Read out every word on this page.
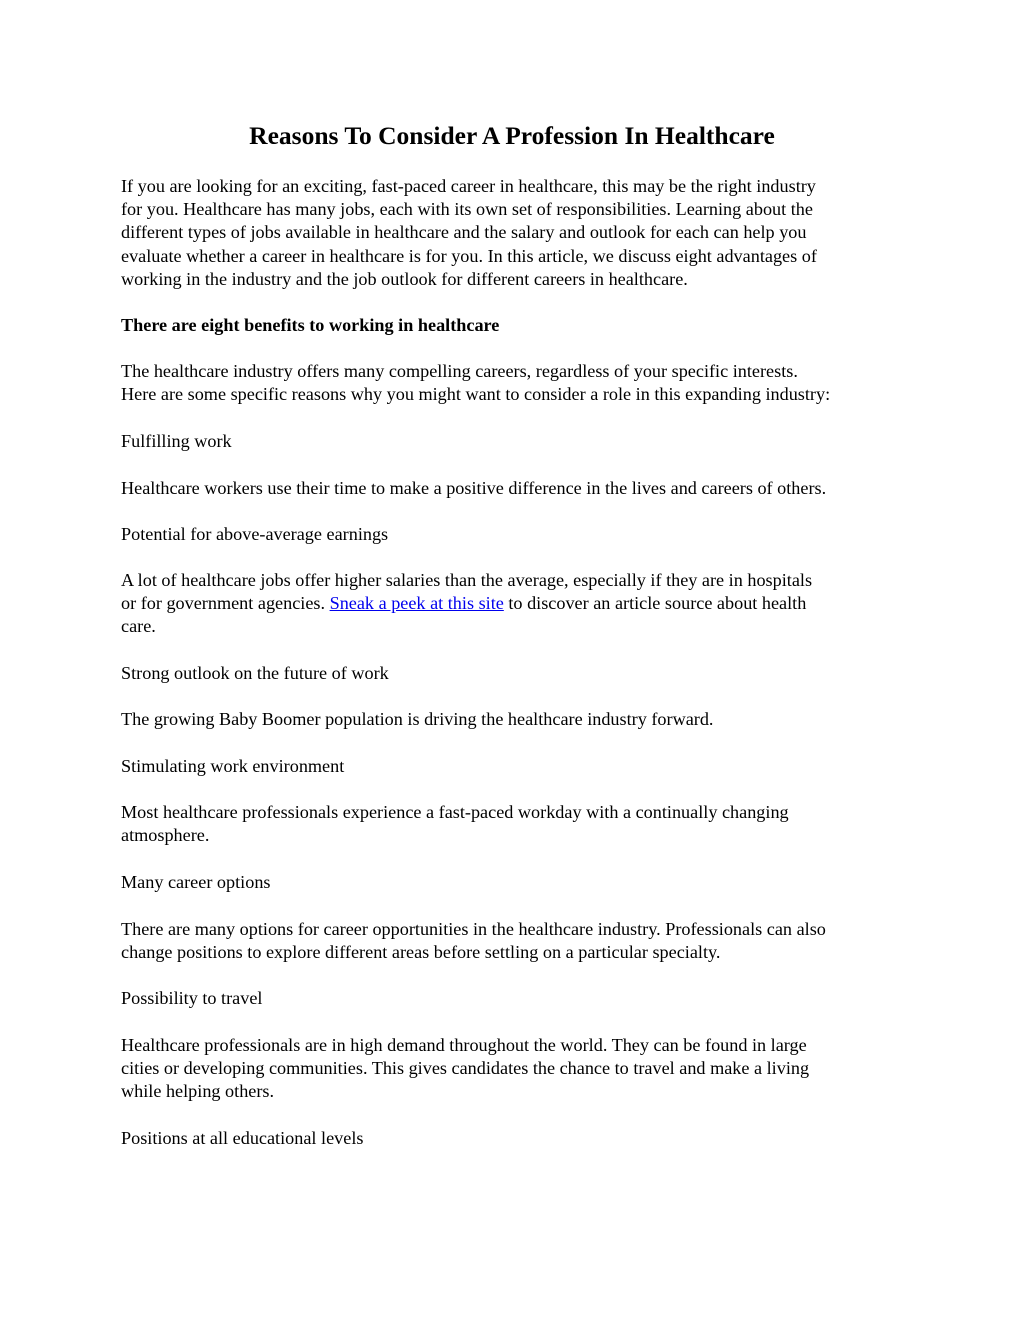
Reasons To Consider A Profession In Healthcare

If you are looking for an exciting, fast-paced career in healthcare, this may be the right industry
for you. Healthcare has many jobs, each with its own set of responsibilities. Learning about the
different types of jobs available in healthcare and the salary and outlook for each can help you
evaluate whether a career in healthcare is for you. In this article, we discuss eight advantages of
working in the industry and the job outlook for different careers in healthcare.

There are eight benefits to working in healthcare

The healthcare industry offers many compelling careers, regardless of your specific interests.
Here are some specific reasons why you might want to consider a role in this expanding industry:

Fulfilling work

Healthcare workers use their time to make a positive difference in the lives and careers of others.

Potential for above-average earnings

A lot of healthcare jobs offer higher salaries than the average, especially if they are in hospitals
or for government agencies. Sneak a peek at this site to discover an article source about health
care.

Strong outlook on the future of work

The growing Baby Boomer population is driving the healthcare industry forward.

Stimulating work environment

Most healthcare professionals experience a fast-paced workday with a continually changing
atmosphere.

Many career options

There are many options for career opportunities in the healthcare industry. Professionals can also
change positions to explore different areas before settling on a particular specialty.

Possibility to travel

Healthcare professionals are in high demand throughout the world. They can be found in large
cities or developing communities. This gives candidates the chance to travel and make a living
while helping others.

Positions at all educational levels
